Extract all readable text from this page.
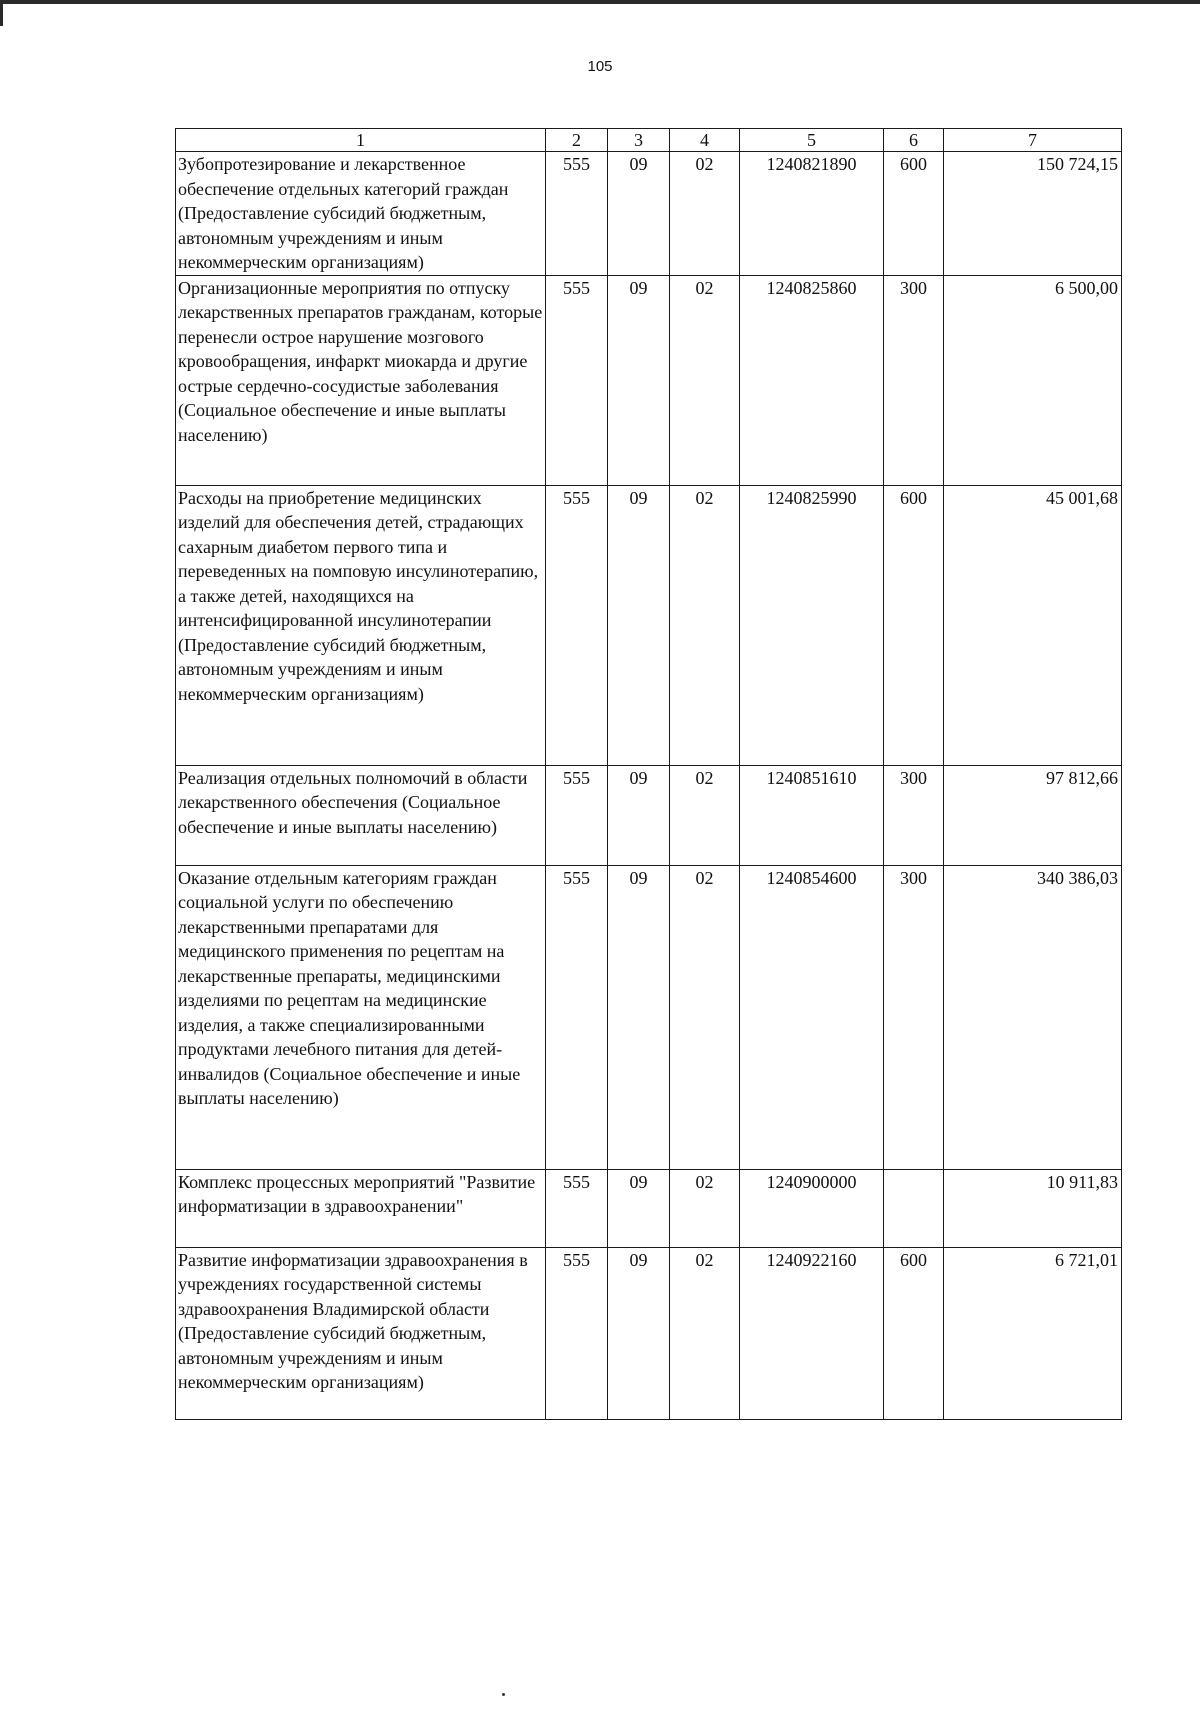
105
1	2	3	4	5	6	7
Зубопротезирование и лекарственное обеспечение отдельных категорий граждан (Предоставление субсидий бюджетным, автономным учреждениям и иным некоммерческим организациям)	555	09	02	1240821890	600	150 724,15
Организационные мероприятия по отпуску лекарственных препаратов гражданам, которые перенесли острое нарушение мозгового кровообращения, инфаркт миокарда и другие острые сердечно-сосудистые заболевания (Социальное обеспечение и иные выплаты населению)	555	09	02	1240825860	300	6 500,00
Расходы на приобретение медицинских изделий для обеспечения детей, страдающих сахарным диабетом первого типа и переведенных на помповую инсулинотерапию, а также детей, находящихся на интенсифицированной инсулинотерапии (Предоставление субсидий бюджетным, автономным учреждениям и иным некоммерческим организациям)	555	09	02	1240825990	600	45 001,68
Реализация отдельных полномочий в области лекарственного обеспечения (Социальное обеспечение и иные выплаты населению)	555	09	02	1240851610	300	97 812,66
Оказание отдельным категориям граждан социальной услуги по обеспечению лекарственными препаратами для медицинского применения по рецептам на лекарственные препараты, медицинскими изделиями по рецептам на медицинские изделия, а также специализированными продуктами лечебного питания для детей-инвалидов (Социальное обеспечение и иные выплаты населению)	555	09	02	1240854600	300	340 386,03
Комплекс процессных мероприятий "Развитие информатизации в здравоохранении"	555	09	02	1240900000		10 911,83
Развитие информатизации здравоохранения в учреждениях государственной системы здравоохранения Владимирской области (Предоставление субсидий бюджетным, автономным учреждениям и иным некоммерческим организациям)	555	09	02	1240922160	600	6 721,01
